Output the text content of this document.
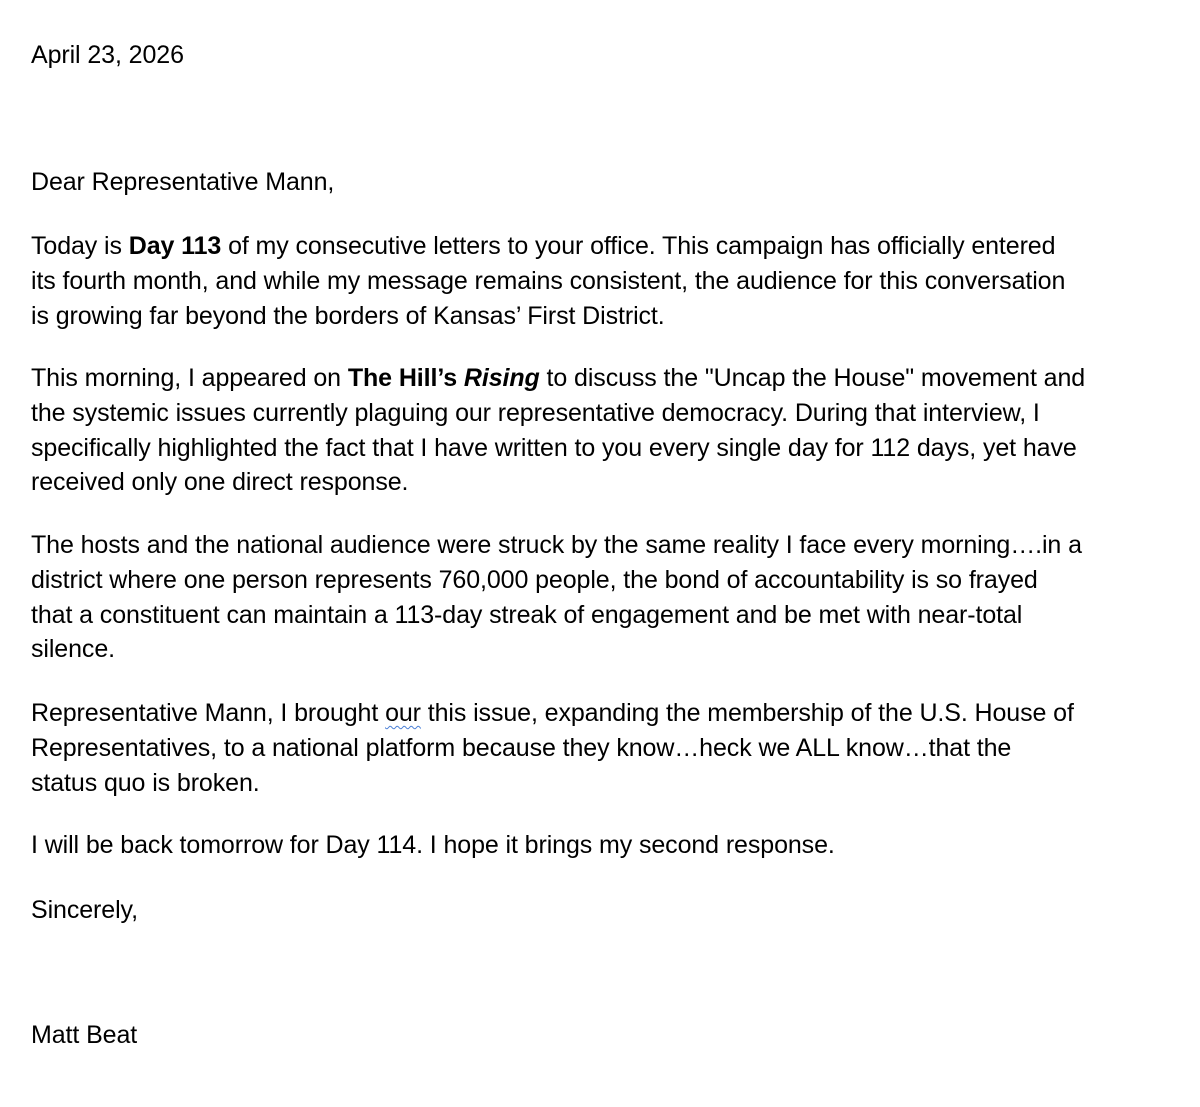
April 23, 2026
Dear Representative Mann,
Today is Day 113 of my consecutive letters to your office. This campaign has officially entered
its fourth month, and while my message remains consistent, the audience for this conversation
is growing far beyond the borders of Kansas’ First District.
This morning, I appeared on The Hill’s Rising to discuss the "Uncap the House" movement and
the systemic issues currently plaguing our representative democracy. During that interview, I
specifically highlighted the fact that I have written to you every single day for 112 days, yet have
received only one direct response.
The hosts and the national audience were struck by the same reality I face every morning….in a
district where one person represents 760,000 people, the bond of accountability is so frayed
that a constituent can maintain a 113-day streak of engagement and be met with near-total
silence.
Representative Mann, I brought our this issue, expanding the membership of the U.S. House of
Representatives, to a national platform because they know…heck we ALL know…that the
status quo is broken.
I will be back tomorrow for Day 114. I hope it brings my second response.
Sincerely,
Matt Beat
